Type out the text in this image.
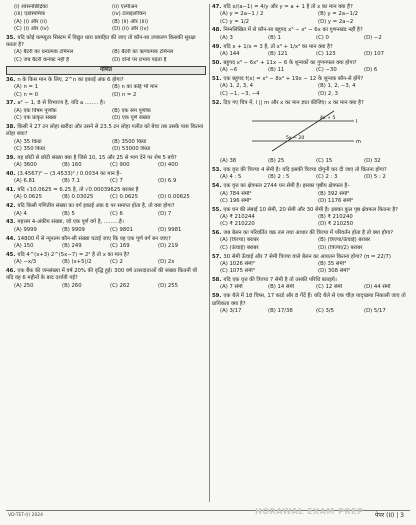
(i) श्वसनछिद्रिका	(ii) एल्पीअन
(iii) एंडोस्पर्मिक	(iv) टेलाइलोकिन
(A) (i) और (ii)	(B) (ii) और (iii)
(C) (i) और (iv)	(D) (ii) और (iv)
35. यदि कोई कम्प्यूटर सिस्टम में विद्युत धारा प्रवाहित की जाए तो कौन-सा उपकरण किसकी सुरक्षा करता है?
(A) बैटरी का धनात्मक टर्मिनल	(B) बैटरी का ऋणात्मक टर्मिनल
(C) जब बैटरी कनेक्ट नहीं है	(D) दोनों पर प्रभाव पड़ता है
गणित
36. n के किस मान के लिए, 2^n का इकाई अंक 6 होगा?
(A) n = 1	(B) n का कोई भी मान
(C) n = 0	(D) n = 2
37. a² − 1, 8 से विभाज्य है, यदि a ........ है।
(A) एक विषम पूर्णांक	(B) एक सम पूर्णांक
(C) एक प्राकृत संख्या	(D) एक पूर्ण संख्या
38. किसी ने 27 टन लोहा खरीदा और उसने से 23.5 टन लोहा गलीत को बेचा तब उसके पास कितना लोहा बचा?
(A) 35 किग्रा	(B) 3500 किग्रा
(C) 350 किग्रा	(D) 53000 किग्रा
39. वह छोटी से छोटी संख्या क्या है जिसे 10, 15 और 25 से भाग देने पर शेष 5 बचे?
(A) 3600	(B) 160	(C) 900	(D) 400
40. (3.4567)² − (3.4533)² / 0.0034 का मान है–
(A) 6.81	(B) 7.1	(C) 7	(D) 6.9
41. यदि √10.0625 = 6.25 है, तो √0.00039625 बराबर है
(A) 0.0625	(B) 0.03025	(C) 0.0625	(D) 0.00625
42. यदि किसी गणितीय संख्या का वर्ग इकाई अंक 6 पर समाप्त होता है, तो क्या होगा?
(A) 4	(B) 5	(C) 6	(D) 7
43. महत्तम 4-अंकीय संख्या, जो एक पूर्ण वर्ग है, .........है।
(A) 9999	(B) 9909	(C) 9801	(D) 9981
44. 14800 में से न्यूनतम कौन-सी संख्या घटाई जाए कि यह एक पूर्ण वर्ग बन जाए?
(A) 150	(B) 249	(C) 169	(D) 219
45. यदि 4^(x+3)·2^(5x−7) = 2² है तो x का मान है?
(A) −x/3	(B) (x+5)/2	(C) 2	(D) 2x
46. एक बैंक की जनसंख्या में वर्ष 20% की वृद्धि हुई। 300 वर्ष उत्तरदाताओं की संख्या कितनी थी यदि वह 6 महीनों के बाद दर्शायी गई?
(A) 250	(B) 260	(C) 262	(D) 255
47. यदि x/(a−1) = 4/y और y = a + 1 है तो x का मान क्या है?
(A) y = 2a−1 / 2	(B) y = 2a−1/2
(C) y = 1/2	(D) y = 2a−2
48. निम्नलिखित में से कौन-सा बहुपद x⁵ − x² − 6x का गुणनखंड नहीं है?
(A) 3	(B) 1	(C) 0	(D) −2
49. यदि x + 1/x = 3 है, तो x³ + 1/x³ का मान क्या है?
(A) 144	(B) 121	(C) 123	(D) 107
50. बहुपद x³ − 6x² + 11x − 6 के शून्यकों का गुणनफल क्या होगा?
(A) −6	(B) 11	(C) −30	(D) 6
51. एक बहुपद f(x) = x⁴ − 8x³ + 19x − 12 के शून्यक कौन-से होंगे?
(A) 1, 2, 3, 4	(B) 1, 2, −3, 4
(C) −1, −3, −4	(D) 2, 3
52. दिए गए चित्र में, l || m और x का मान ज्ञात कीजिए। x का मान क्या है?
l
m
4x + 5
5x − 20
(A) 38	(B) 25	(C) 15	(D) 32
53. एक वृत्त की त्रिज्या 4 सेमी है। यदि इसकी त्रिज्या दोगुनी कर दी जाए तो कितना होगा?
(A) 4 : 5	(B) 2 : 5	(C) 2 : 3	(D) 5 : 2
54. एक वृत्त का क्षेत्रफल 2744 घन सेमी है। इसका पृष्ठीय क्षेत्रफल है–
(A) 784 सेमी²	(B) 392 सेमी²
(C) 196 सेमी²	(D) 1176 सेमी²
55. एक घन की लंबाई 10 सेमी, 20 सेमी और 30 सेमी है। इसका कुल पृष्ठ क्षेत्रफल कितना है?
(A) ₹ 210244	(B) ₹ 210240
(C) ₹ 210220	(D) ₹ 210250
56. जब बेलन का परिवर्तित वक्र तल तथा आधार की त्रिज्या में परिवर्तन होता है तो क्या होगा?
(A) (त्रिज्या) बराबर	(B) (त्रिज्या/ऊँचाई) बराबर
(C) (ऊँचाई) बराबर	(D) (त्रिज्या/2) बराबर
57. 30 सेमी ऊँचाई और 7 सेमी त्रिज्या वाले बेलन का आयतन कितना होगा? (π = 22/7)
(A) 1026 सेमी³	(B) 35 सेमी³
(C) 1075 सेमी³	(D) 308 सेमी³
58. यदि एक वृत्त की त्रिज्या 7 सेमी है तो उसकी परिधि बताइये।
(A) 7 सेमी	(B) 14 सेमी	(C) 12 सेमी	(D) 44 सेमी
59. एक थैले में 18 चिप्स, 17 कार्ड और 8 गेंदें हैं। यदि थैले से एक चीज़ यादृच्छया निकाली जाए तो प्रायिकता क्या है?
(A) 3/17	(B) 17/38	(C) 3/5	(D) 5/17
VD-TET-(I) 2024	HORAWAL EXAM PREP पेपर (II) | 3
